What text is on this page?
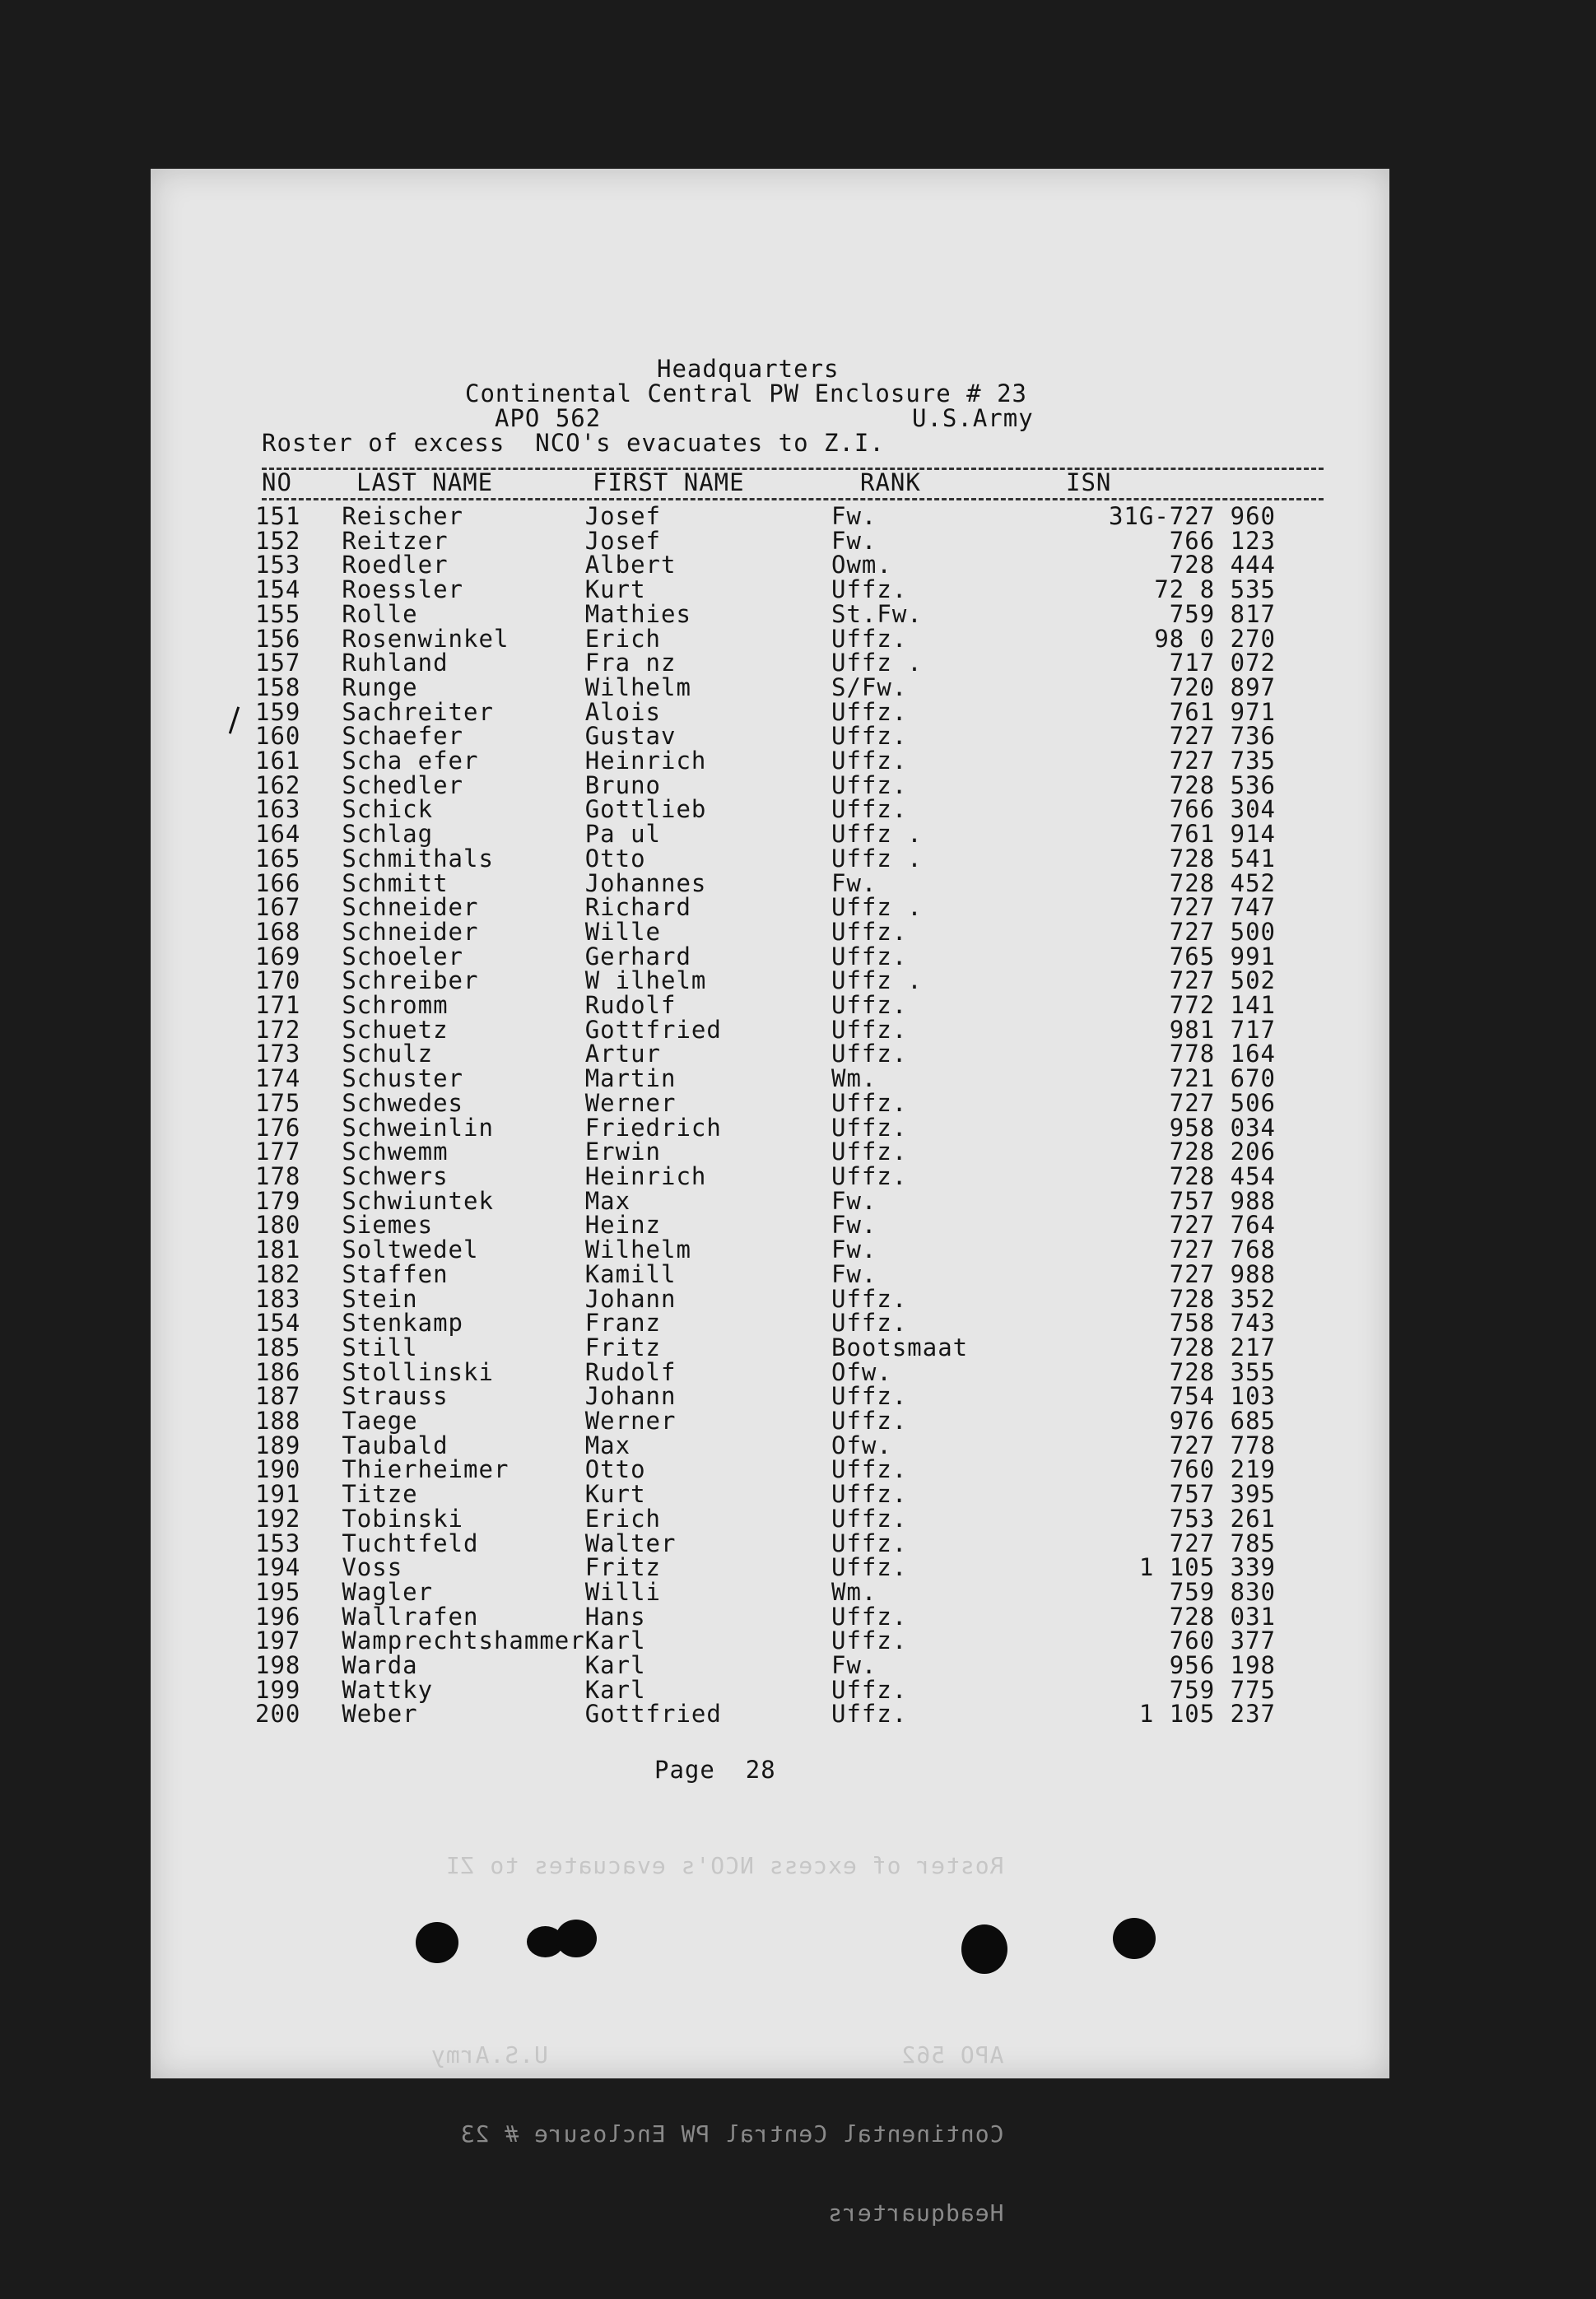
Headquarters
Continental Central PW Enclosure # 23
APO 562	U.S.Army
Roster of excess  NCO's evacuates to Z.I.
NO	LAST NAME	FIRST NAME	RANK	ISN
151	Reischer	Josef	Fw.	31G-727 960
152	Reitzer	Josef	Fw.	766 123
153	Roedler	Albert	Owm.	728 444
154	Roessler	Kurt	Uffz.	72 8 535
155	Rolle	Mathies	St.Fw.	759 817
156	Rosenwinkel	Erich	Uffz.	98 0 270
157	Ruhland	Fra nz	Uffz .	717 072
158	Runge	Wilhelm	S/Fw.	720 897
159	Sachreiter	Alois	Uffz.	761 971
160	Schaefer	Gustav	Uffz.	727 736
161	Scha efer	Heinrich	Uffz.	727 735
162	Schedler	Bruno	Uffz.	728 536
163	Schick	Gottlieb	Uffz.	766 304
164	Schlag	Pa ul	Uffz .	761 914
165	Schmithals	Otto	Uffz .	728 541
166	Schmitt	Johannes	Fw.	728 452
167	Schneider	Richard	Uffz .	727 747
168	Schneider	Wille	Uffz.	727 500
169	Schoeler	Gerhard	Uffz.	765 991
170	Schreiber	W ilhelm	Uffz .	727 502
171	Schromm	Rudolf	Uffz.	772 141
172	Schuetz	Gottfried	Uffz.	981 717
173	Schulz	Artur	Uffz.	778 164
174	Schuster	Martin	Wm.	721 670
175	Schwedes	Werner	Uffz.	727 506
176	Schweinlin	Friedrich	Uffz.	958 034
177	Schwemm	Erwin	Uffz.	728 206
178	Schwers	Heinrich	Uffz.	728 454
179	Schwiuntek	Max	Fw.	757 988
180	Siemes	Heinz	Fw.	727 764
181	Soltwedel	Wilhelm	Fw.	727 768
182	Staffen	Kamill	Fw.	727 988
183	Stein	Johann	Uffz.	728 352
154	Stenkamp	Franz	Uffz.	758 743
185	Still	Fritz	Bootsmaat	728 217
186	Stollinski	Rudolf	Ofw.	728 355
187	Strauss	Johann	Uffz.	754 103
188	Taege	Werner	Uffz.	976 685
189	Taubald	Max	Ofw.	727 778
190	Thierheimer	Otto	Uffz.	760 219
191	Titze	Kurt	Uffz.	757 395
192	Tobinski	Erich	Uffz.	753 261
153	Tuchtfeld	Walter	Uffz.	727 785
194	Voss	Fritz	Uffz.	1 105 339
195	Wagler	Willi	Wm.	759 830
196	Wallrafen	Hans	Uffz.	728 031
197	Wamprechtshammer	Karl	Uffz.	760 377
198	Warda	Karl	Fw.	956 198
199	Wattky	Karl	Uffz.	759 775
200	Weber	Gottfried	Uffz.	1 105 237
Page  28

Roster of excess NCO's evacuates to ZI

APO 562                        U.S.Army

Continental Central PW Enclosure # 23

Headquarters
